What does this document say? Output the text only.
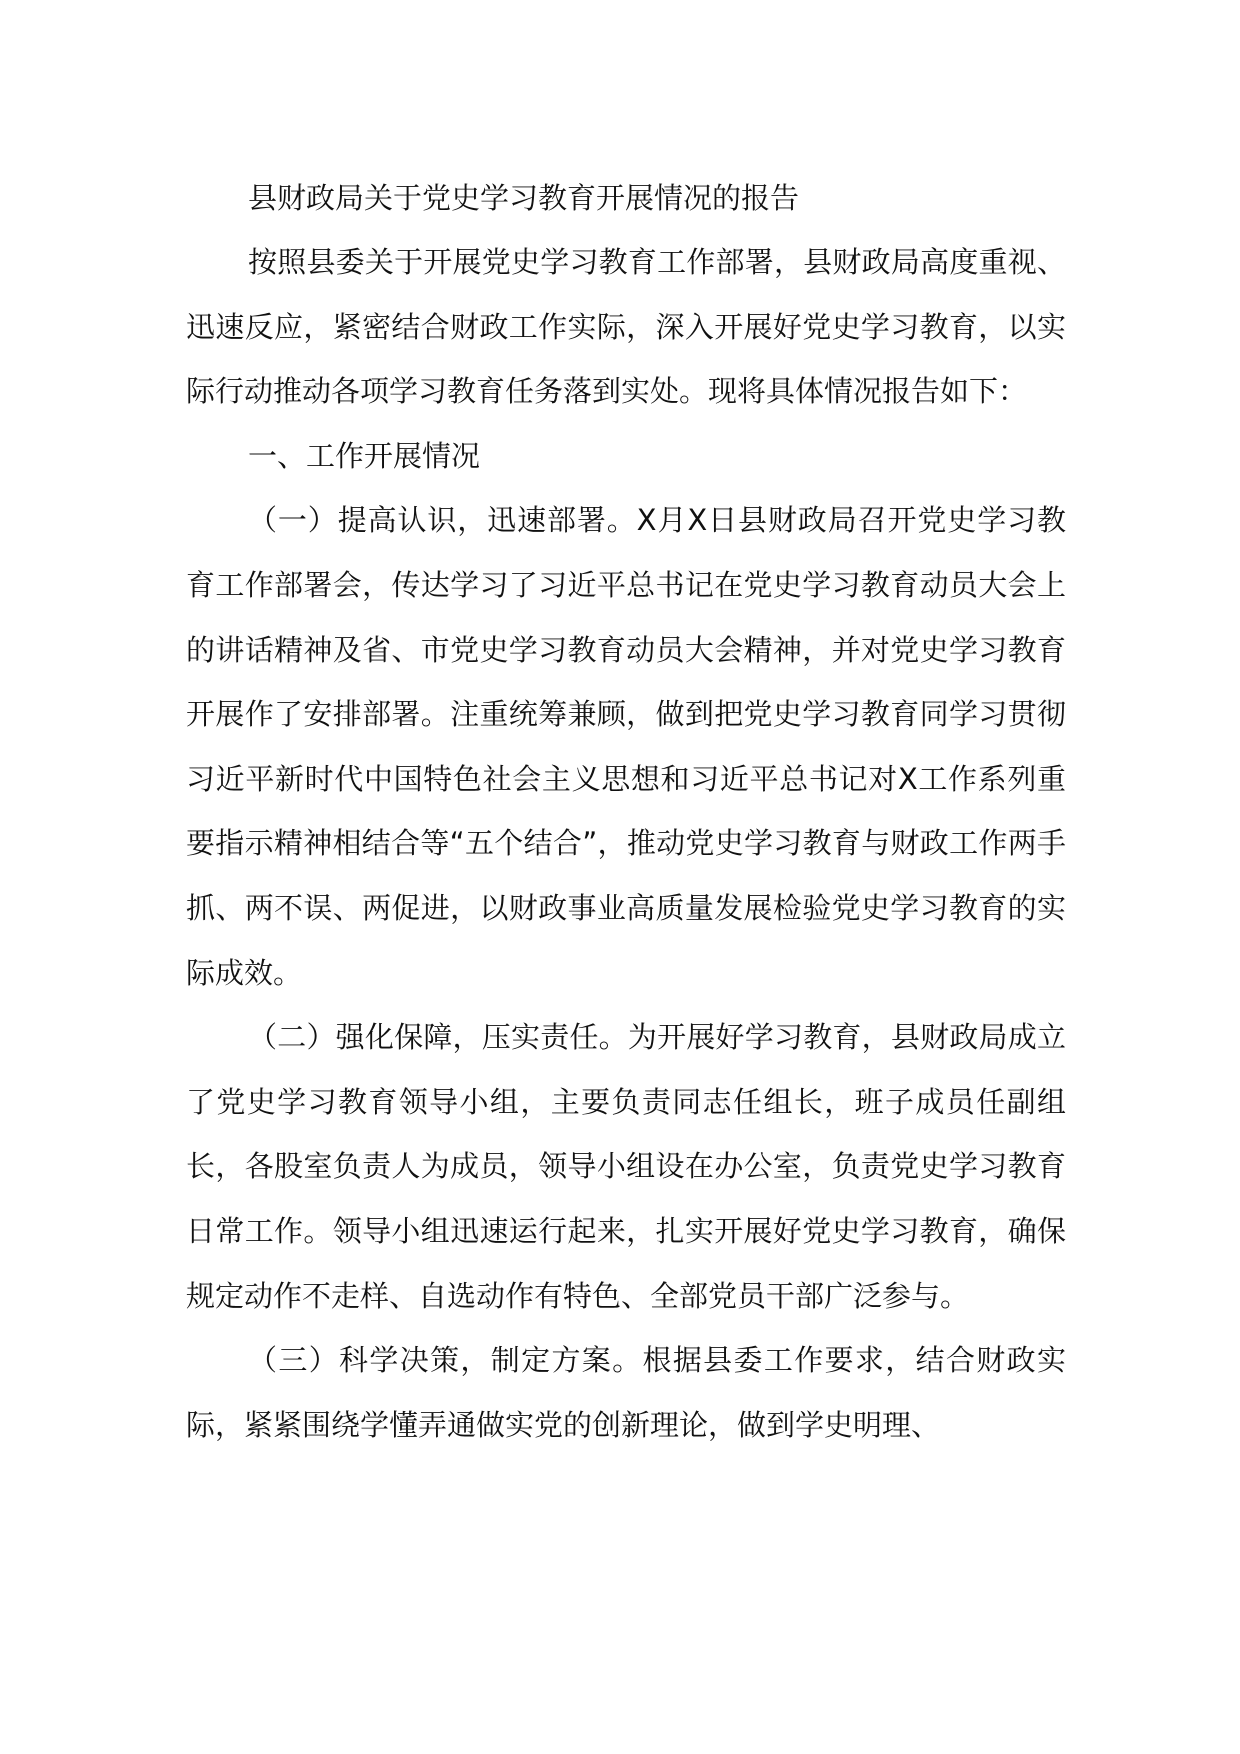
县财政局关于党史学习教育开展情况的报告

按照县委关于开展党史学习教育工作部署，县财政局高度重视、迅速反应，紧密结合财政工作实际，深入开展好党史学习教育，以实际行动推动各项学习教育任务落到实处。现将具体情况报告如下：

一、工作开展情况

（一）提高认识，迅速部署。X月X日县财政局召开党史学习教育工作部署会，传达学习了习近平总书记在党史学习教育动员大会上的讲话精神及省、市党史学习教育动员大会精神，并对党史学习教育开展作了安排部署。注重统筹兼顾，做到把党史学习教育同学习贯彻习近平新时代中国特色社会主义思想和习近平总书记对X工作系列重要指示精神相结合等“五个结合”，推动党史学习教育与财政工作两手抓、两不误、两促进，以财政事业高质量发展检验党史学习教育的实际成效。

（二）强化保障，压实责任。为开展好学习教育，县财政局成立了党史学习教育领导小组，主要负责同志任组长，班子成员任副组长，各股室负责人为成员，领导小组设在办公室，负责党史学习教育日常工作。领导小组迅速运行起来，扎实开展好党史学习教育，确保规定动作不走样、自选动作有特色、全部党员干部广泛参与。

（三）科学决策，制定方案。根据县委工作要求，结合财政实际，紧紧围绕学懂弄通做实党的创新理论，做到学史明理、
